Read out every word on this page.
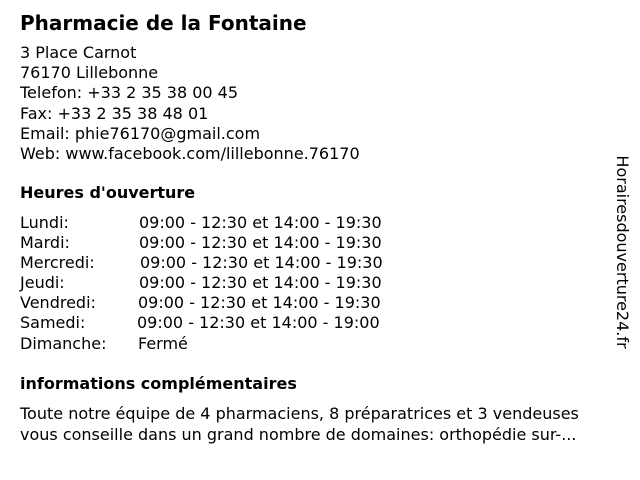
Pharmacie de la Fontaine
3 Place Carnot
76170 Lillebonne
Telefon: +33 2 35 38 00 45
Fax: +33 2 35 38 48 01
Email: phie76170@gmail.com
Web: www.facebook.com/lillebonne.76170
Heures d'ouverture
Lundi:	09:00 - 12:30 et 14:00 - 19:30
Mardi:	09:00 - 12:30 et 14:00 - 19:30
Mercredi:	09:00 - 12:30 et 14:00 - 19:30
Jeudi:	09:00 - 12:30 et 14:00 - 19:30
Vendredi:	09:00 - 12:30 et 14:00 - 19:30
Samedi:	09:00 - 12:30 et 14:00 - 19:00
Dimanche: Fermé
informations complémentaires
Toute notre équipe de 4 pharmaciens, 8 préparatrices et 3 vendeuses
vous conseille dans un grand nombre de domaines: orthopédie sur-...
Horairesdouverture24.fr
